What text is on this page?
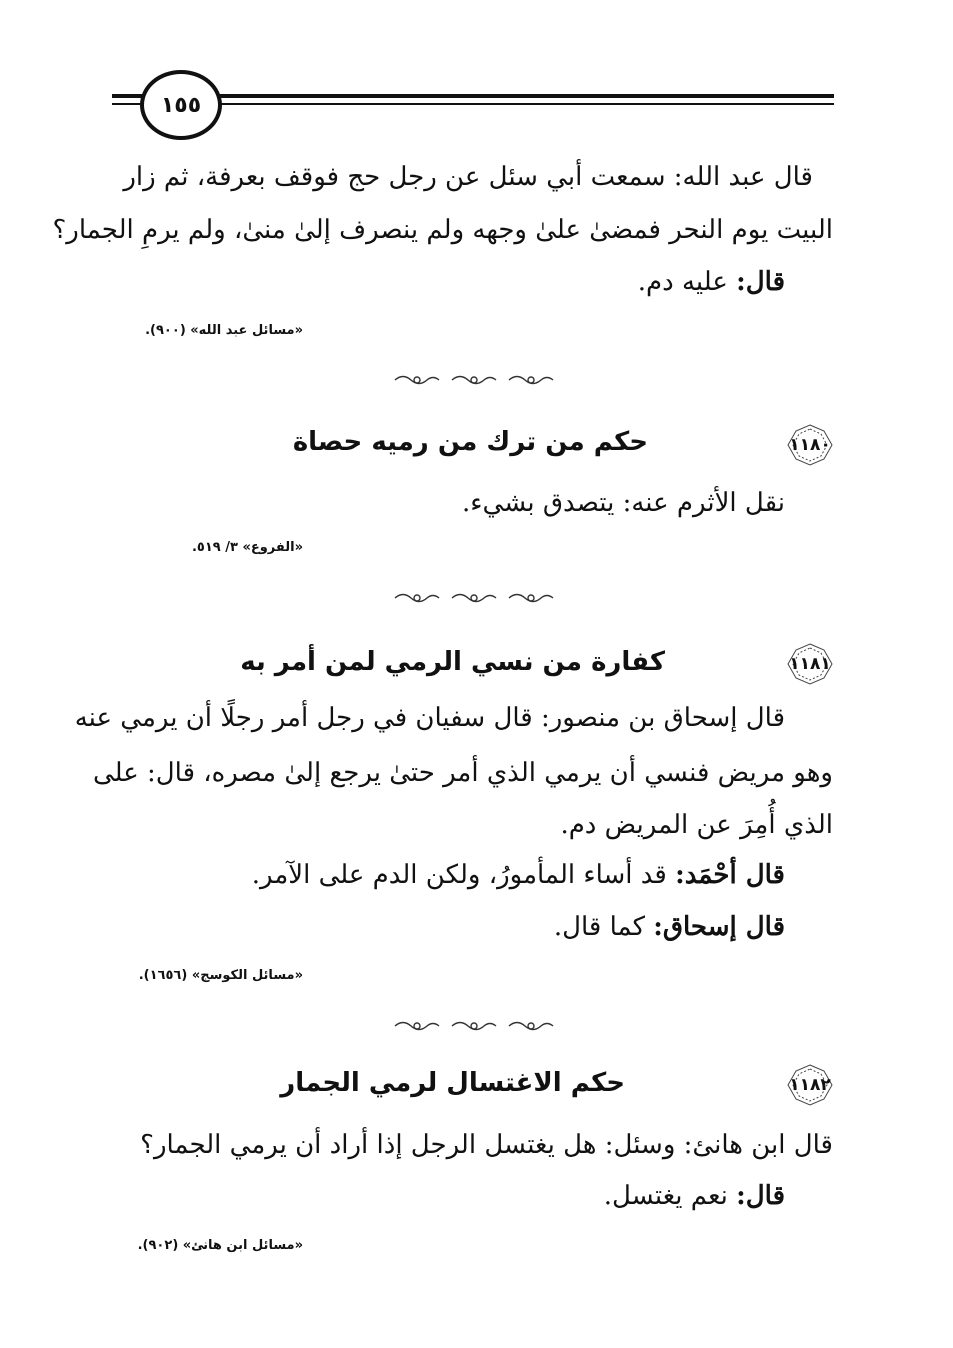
١٥٥
قال عبد الله: سمعت أبي سئل عن رجل حج فوقف بعرفة، ثم زار
البيت يوم النحر فمضىٰ علىٰ وجهه ولم ينصرف إلىٰ منىٰ، ولم يرمِ الجمار؟
قال: عليه دم.
«مسائل عبد الله» (٩٠٠).
١١٨٠
حكم من ترك من رميه حصاة
نقل الأثرم عنه: يتصدق بشيء.
«الفروع» ٣/ ٥١٩.
١١٨١
كفارة من نسي الرمي لمن أمر به
قال إسحاق بن منصور: قال سفيان في رجل أمر رجلًا أن يرمي عنه
وهو مريض فنسي أن يرمي الذي أمر حتىٰ يرجع إلىٰ مصره، قال: على
الذي أُمِرَ عن المريض دم.
قال أحْمَد: قد أساء المأمورُ، ولكن الدم على الآمر.
قال إسحاق: كما قال.
«مسائل الكوسج» (١٦٥٦).
١١٨٢
حكم الاغتسال لرمي الجمار
قال ابن هانئ: وسئل: هل يغتسل الرجل إذا أراد أن يرمي الجمار؟
قال: نعم يغتسل.
«مسائل ابن هانئ» (٩٠٢).
